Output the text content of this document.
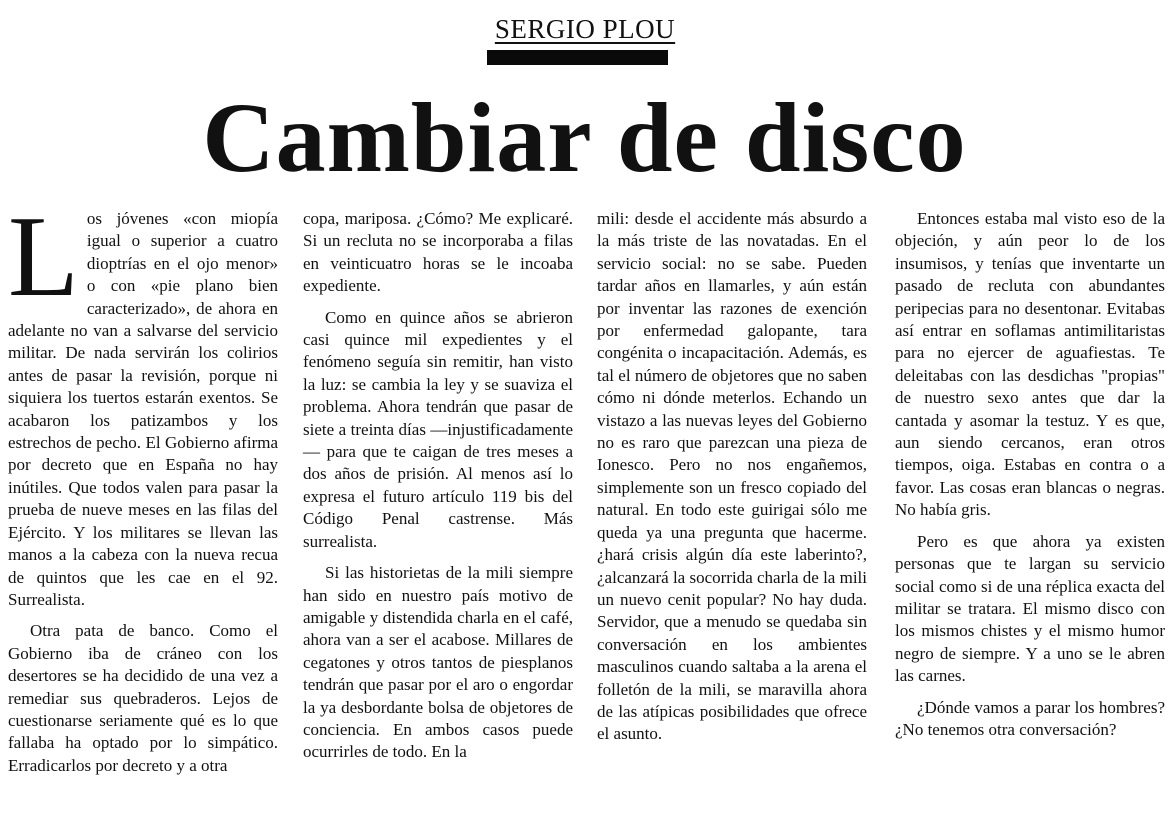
SERGIO PLOU
Cambiar de disco

Los jóvenes «con miopía igual o superior a cuatro dioptrías en el ojo menor» o con «pie plano bien caracterizado», de ahora en adelante no van a salvarse del servicio militar. De nada servirán los colirios antes de pasar la revisión, porque ni siquiera los tuertos estarán exentos. Se acabaron los patizambos y los estrechos de pecho. El Gobierno afirma por decreto que en España no hay inútiles. Que todos valen para pasar la prueba de nueve meses en las filas del Ejército. Y los militares se llevan las manos a la cabeza con la nueva recua de quintos que les cae en el 92. Surrealista.

Otra pata de banco. Como el Gobierno iba de cráneo con los desertores se ha decidido de una vez a remediar sus quebraderos. Lejos de cuestionarse seriamente qué es lo que fallaba ha optado por lo simpático. Erradicarlos por decreto y a otra

copa, mariposa. ¿Cómo? Me explicaré. Si un recluta no se incorporaba a filas en veinticuatro horas se le incoaba expediente.

Como en quince años se abrieron casi quince mil expedientes y el fenómeno seguía sin remitir, han visto la luz: se cambia la ley y se suaviza el problema. Ahora tendrán que pasar de siete a treinta días —injustificadamente— para que te caigan de tres meses a dos años de prisión. Al menos así lo expresa el futuro artículo 119 bis del Código Penal castrense. Más surrealista.

Si las historietas de la mili siempre han sido en nuestro país motivo de amigable y distendida charla en el café, ahora van a ser el acabose. Millares de cegatones y otros tantos de piesplanos tendrán que pasar por el aro o engordar la ya desbordante bolsa de objetores de conciencia. En ambos casos puede ocurrirles de todo. En la

mili: desde el accidente más absurdo a la más triste de las novatadas. En el servicio social: no se sabe. Pueden tardar años en llamarles, y aún están por inventar las razones de exención por enfermedad galopante, tara congénita o incapacitación. Además, es tal el número de objetores que no saben cómo ni dónde meterlos. Echando un vistazo a las nuevas leyes del Gobierno no es raro que parezcan una pieza de Ionesco. Pero no nos engañemos, simplemente son un fresco copiado del natural. En todo este guirigai sólo me queda ya una pregunta que hacerme. ¿hará crisis algún día este laberinto?, ¿alcanzará la socorrida charla de la mili un nuevo cenit popular? No hay duda. Servidor, que a menudo se quedaba sin conversación en los ambientes masculinos cuando saltaba a la arena el folletón de la mili, se maravilla ahora de las atípicas posibilidades que ofrece el asunto.

Entonces estaba mal visto eso de la objeción, y aún peor lo de los insumisos, y tenías que inventarte un pasado de recluta con abundantes peripecias para no desentonar. Evitabas así entrar en soflamas antimilitaristas para no ejercer de aguafiestas. Te deleitabas con las desdichas "propias" de nuestro sexo antes que dar la cantada y asomar la testuz. Y es que, aun siendo cercanos, eran otros tiempos, oiga. Estabas en contra o a favor. Las cosas eran blancas o negras. No había gris.

Pero es que ahora ya existen personas que te largan su servicio social como si de una réplica exacta del militar se tratara. El mismo disco con los mismos chistes y el mismo humor negro de siempre. Y a uno se le abren las carnes.

¿Dónde vamos a parar los hombres? ¿No tenemos otra conversación?
